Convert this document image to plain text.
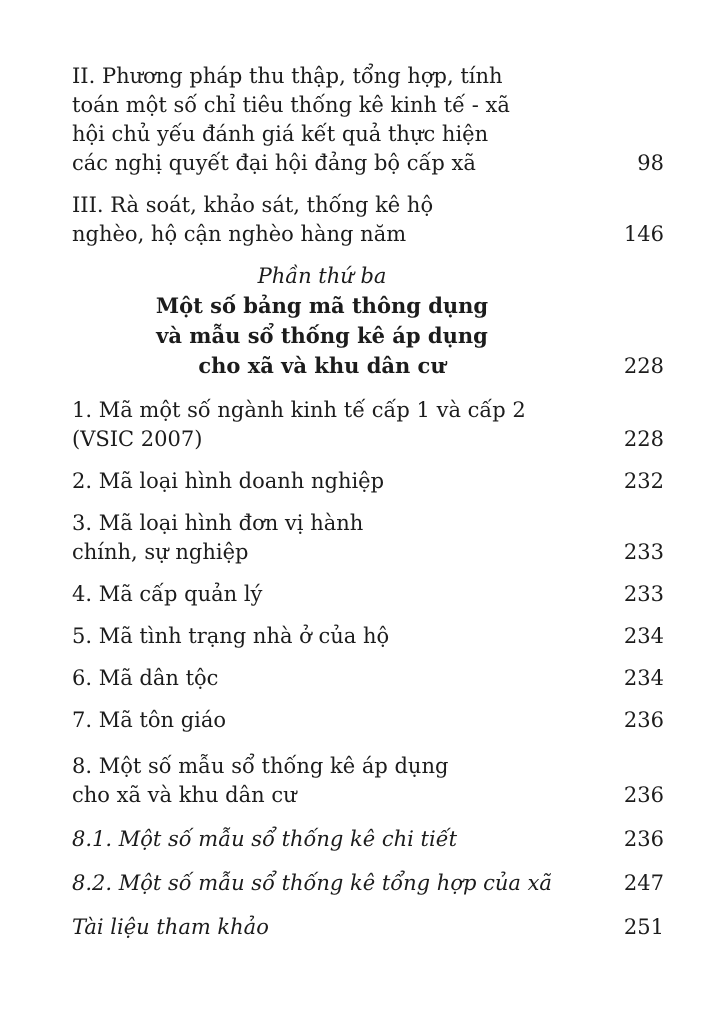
II. Phương pháp thu thập, tổng hợp, tính
toán một số chỉ tiêu thống kê kinh tế - xã
hội chủ yếu đánh giá kết quả thực hiện
các nghị quyết đại hội đảng bộ cấp xã	98
III. Rà soát, khảo sát, thống kê hộ
nghèo, hộ cận nghèo hàng năm	146
Phần thứ ba
Một số bảng mã thông dụng
và mẫu sổ thống kê áp dụng
cho xã và khu dân cư	228
1. Mã một số ngành kinh tế cấp 1 và cấp 2
(VSIC 2007)	228
2. Mã loại hình doanh nghiệp	232
3. Mã loại hình đơn vị hành
chính, sự nghiệp	233
4. Mã cấp quản lý	233
5. Mã tình trạng nhà ở của hộ	234
6. Mã dân tộc	234
7. Mã tôn giáo	236
8. Một số mẫu sổ thống kê áp dụng
cho xã và khu dân cư	236
8.1. Một số mẫu sổ thống kê chi tiết	236
8.2. Một số mẫu sổ thống kê tổng hợp của xã	247
Tài liệu tham khảo	251
